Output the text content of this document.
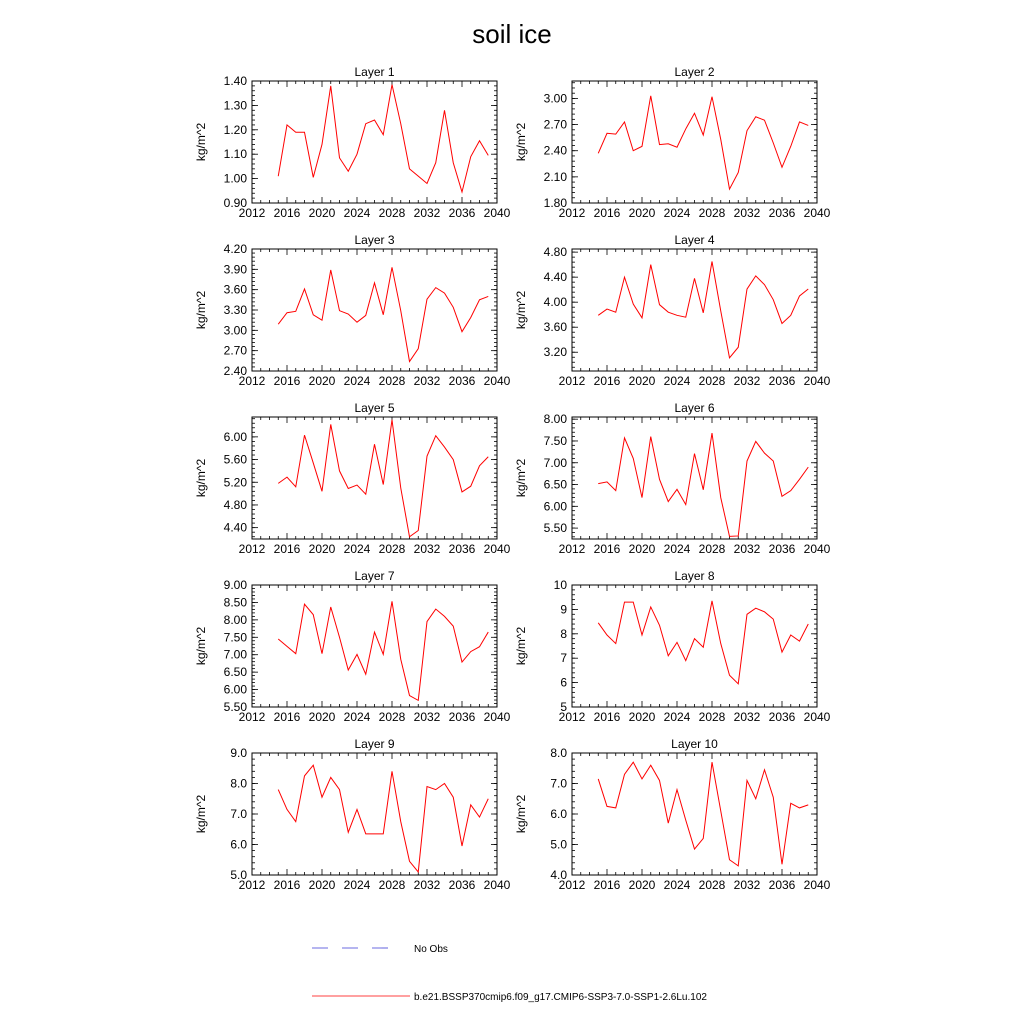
soil ice
Layer 1
kg/m^2
2012 2016 2020 2024 2028 2032 2036 2040
0.90
1.00
1.10
1.20
1.30
1.40
Layer 2
kg/m^2
2012 2016 2020 2024 2028 2032 2036 2040
1.80
2.10
2.40
2.70
3.00
Layer 3
kg/m^2
2012 2016 2020 2024 2028 2032 2036 2040
2.40
2.70
3.00
3.30
3.60
3.90
4.20
Layer 4
kg/m^2
2012 2016 2020 2024 2028 2032 2036 2040
3.20
3.60
4.00
4.40
4.80
Layer 5
kg/m^2
2012 2016 2020 2024 2028 2032 2036 2040
4.40
4.80
5.20
5.60
6.00
Layer 6
kg/m^2
2012 2016 2020 2024 2028 2032 2036 2040
5.50
6.00
6.50
7.00
7.50
8.00
Layer 7
kg/m^2
2012 2016 2020 2024 2028 2032 2036 2040
5.50
6.00
6.50
7.00
7.50
8.00
8.50
9.00
Layer 8
kg/m^2
2012 2016 2020 2024 2028 2032 2036 2040
5
6
7
8
9
10
Layer 9
kg/m^2
2012 2016 2020 2024 2028 2032 2036 2040
5.0
6.0
7.0
8.0
9.0
Layer 10
kg/m^2
2012 2016 2020 2024 2028 2032 2036 2040
4.0
5.0
6.0
7.0
8.0
No Obs
b.e21.BSSP370cmip6.f09_g17.CMIP6-SSP3-7.0-SSP1-2.6Lu.102
